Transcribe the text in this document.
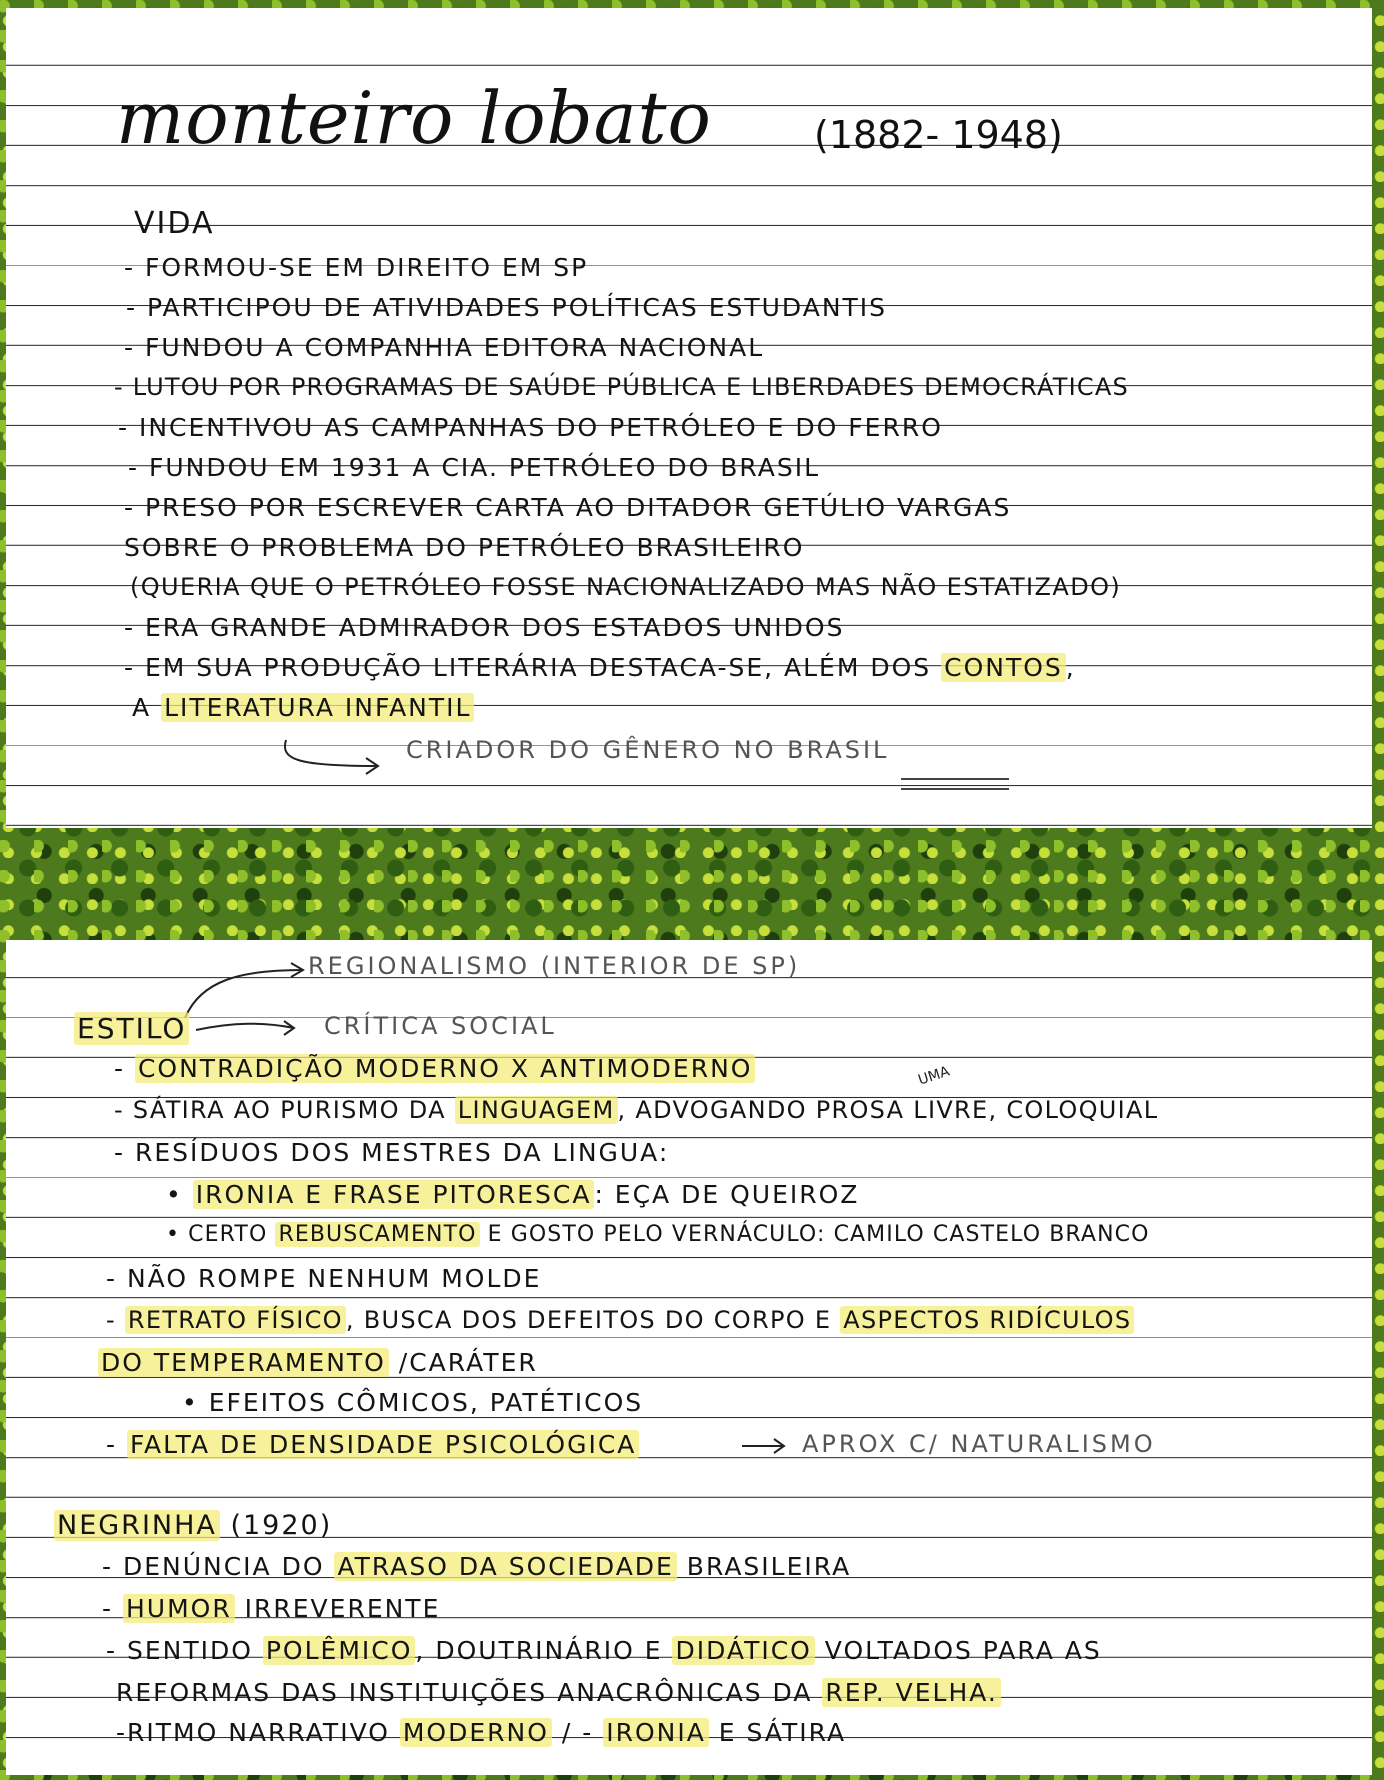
monteiro lobato	(1882- 1948)
VIDA
- FORMOU-SE EM DIREITO EM SP
- PARTICIPOU DE ATIVIDADES POLÍTICAS ESTUDANTIS
- FUNDOU A COMPANHIA EDITORA NACIONAL
- LUTOU POR PROGRAMAS DE SAÚDE PÚBLICA E LIBERDADES DEMOCRÁTICAS
- INCENTIVOU AS CAMPANHAS DO PETRÓLEO E DO FERRO
- FUNDOU EM 1931 A CIA. PETRÓLEO DO BRASIL
- PRESO POR ESCREVER CARTA AO DITADOR GETÚLIO VARGAS
SOBRE O PROBLEMA DO PETRÓLEO BRASILEIRO
(QUERIA QUE O PETRÓLEO FOSSE NACIONALIZADO MAS NÃO ESTATIZADO)
- ERA GRANDE ADMIRADOR DOS ESTADOS UNIDOS
- EM SUA PRODUÇÃO LITERÁRIA DESTACA-SE, ALÉM DOS CONTOS ,
A LITERATURA INFANTIL
CRIADOR DO GÊNERO NO BRASIL
REGIONALISMO (INTERIOR DE SP)
ESTILO	CRÍTICA SOCIAL
- CONTRADIÇÃO MODERNO X ANTIMODERNO
- SÁTIRA AO PURISMO DA LINGUAGEM , ADVOGANDO PROSA LIVRE, COLOQUIAL
UMA
- RESÍDUOS DOS MESTRES DA LINGUA:
• IRONIA E FRASE PITORESCA : EÇA DE QUEIROZ
• CERTO REBUSCAMENTO E GOSTO PELO VERNÁCULO: CAMILO CASTELO BRANCO
- NÃO ROMPE NENHUM MOLDE
- RETRATO FÍSICO , BUSCA DOS DEFEITOS DO CORPO E ASPECTOS RIDÍCULOS
DO TEMPERAMENTO /CARÁTER
• EFEITOS CÔMICOS, PATÉTICOS
- FALTA DE DENSIDADE PSICOLÓGICA	APROX C/ NATURALISMO
NEGRINHA (1920)
- DENÚNCIA DO ATRASO DA SOCIEDADE BRASILEIRA
- HUMOR IRREVERENTE
- SENTIDO POLÊMICO , DOUTRINÁRIO E DIDÁTICO VOLTADOS PARA AS
REFORMAS DAS INSTITUIÇÕES ANACRÔNICAS DA REP. VELHA.
-RITMO NARRATIVO MODERNO / - IRONIA E SÁTIRA
